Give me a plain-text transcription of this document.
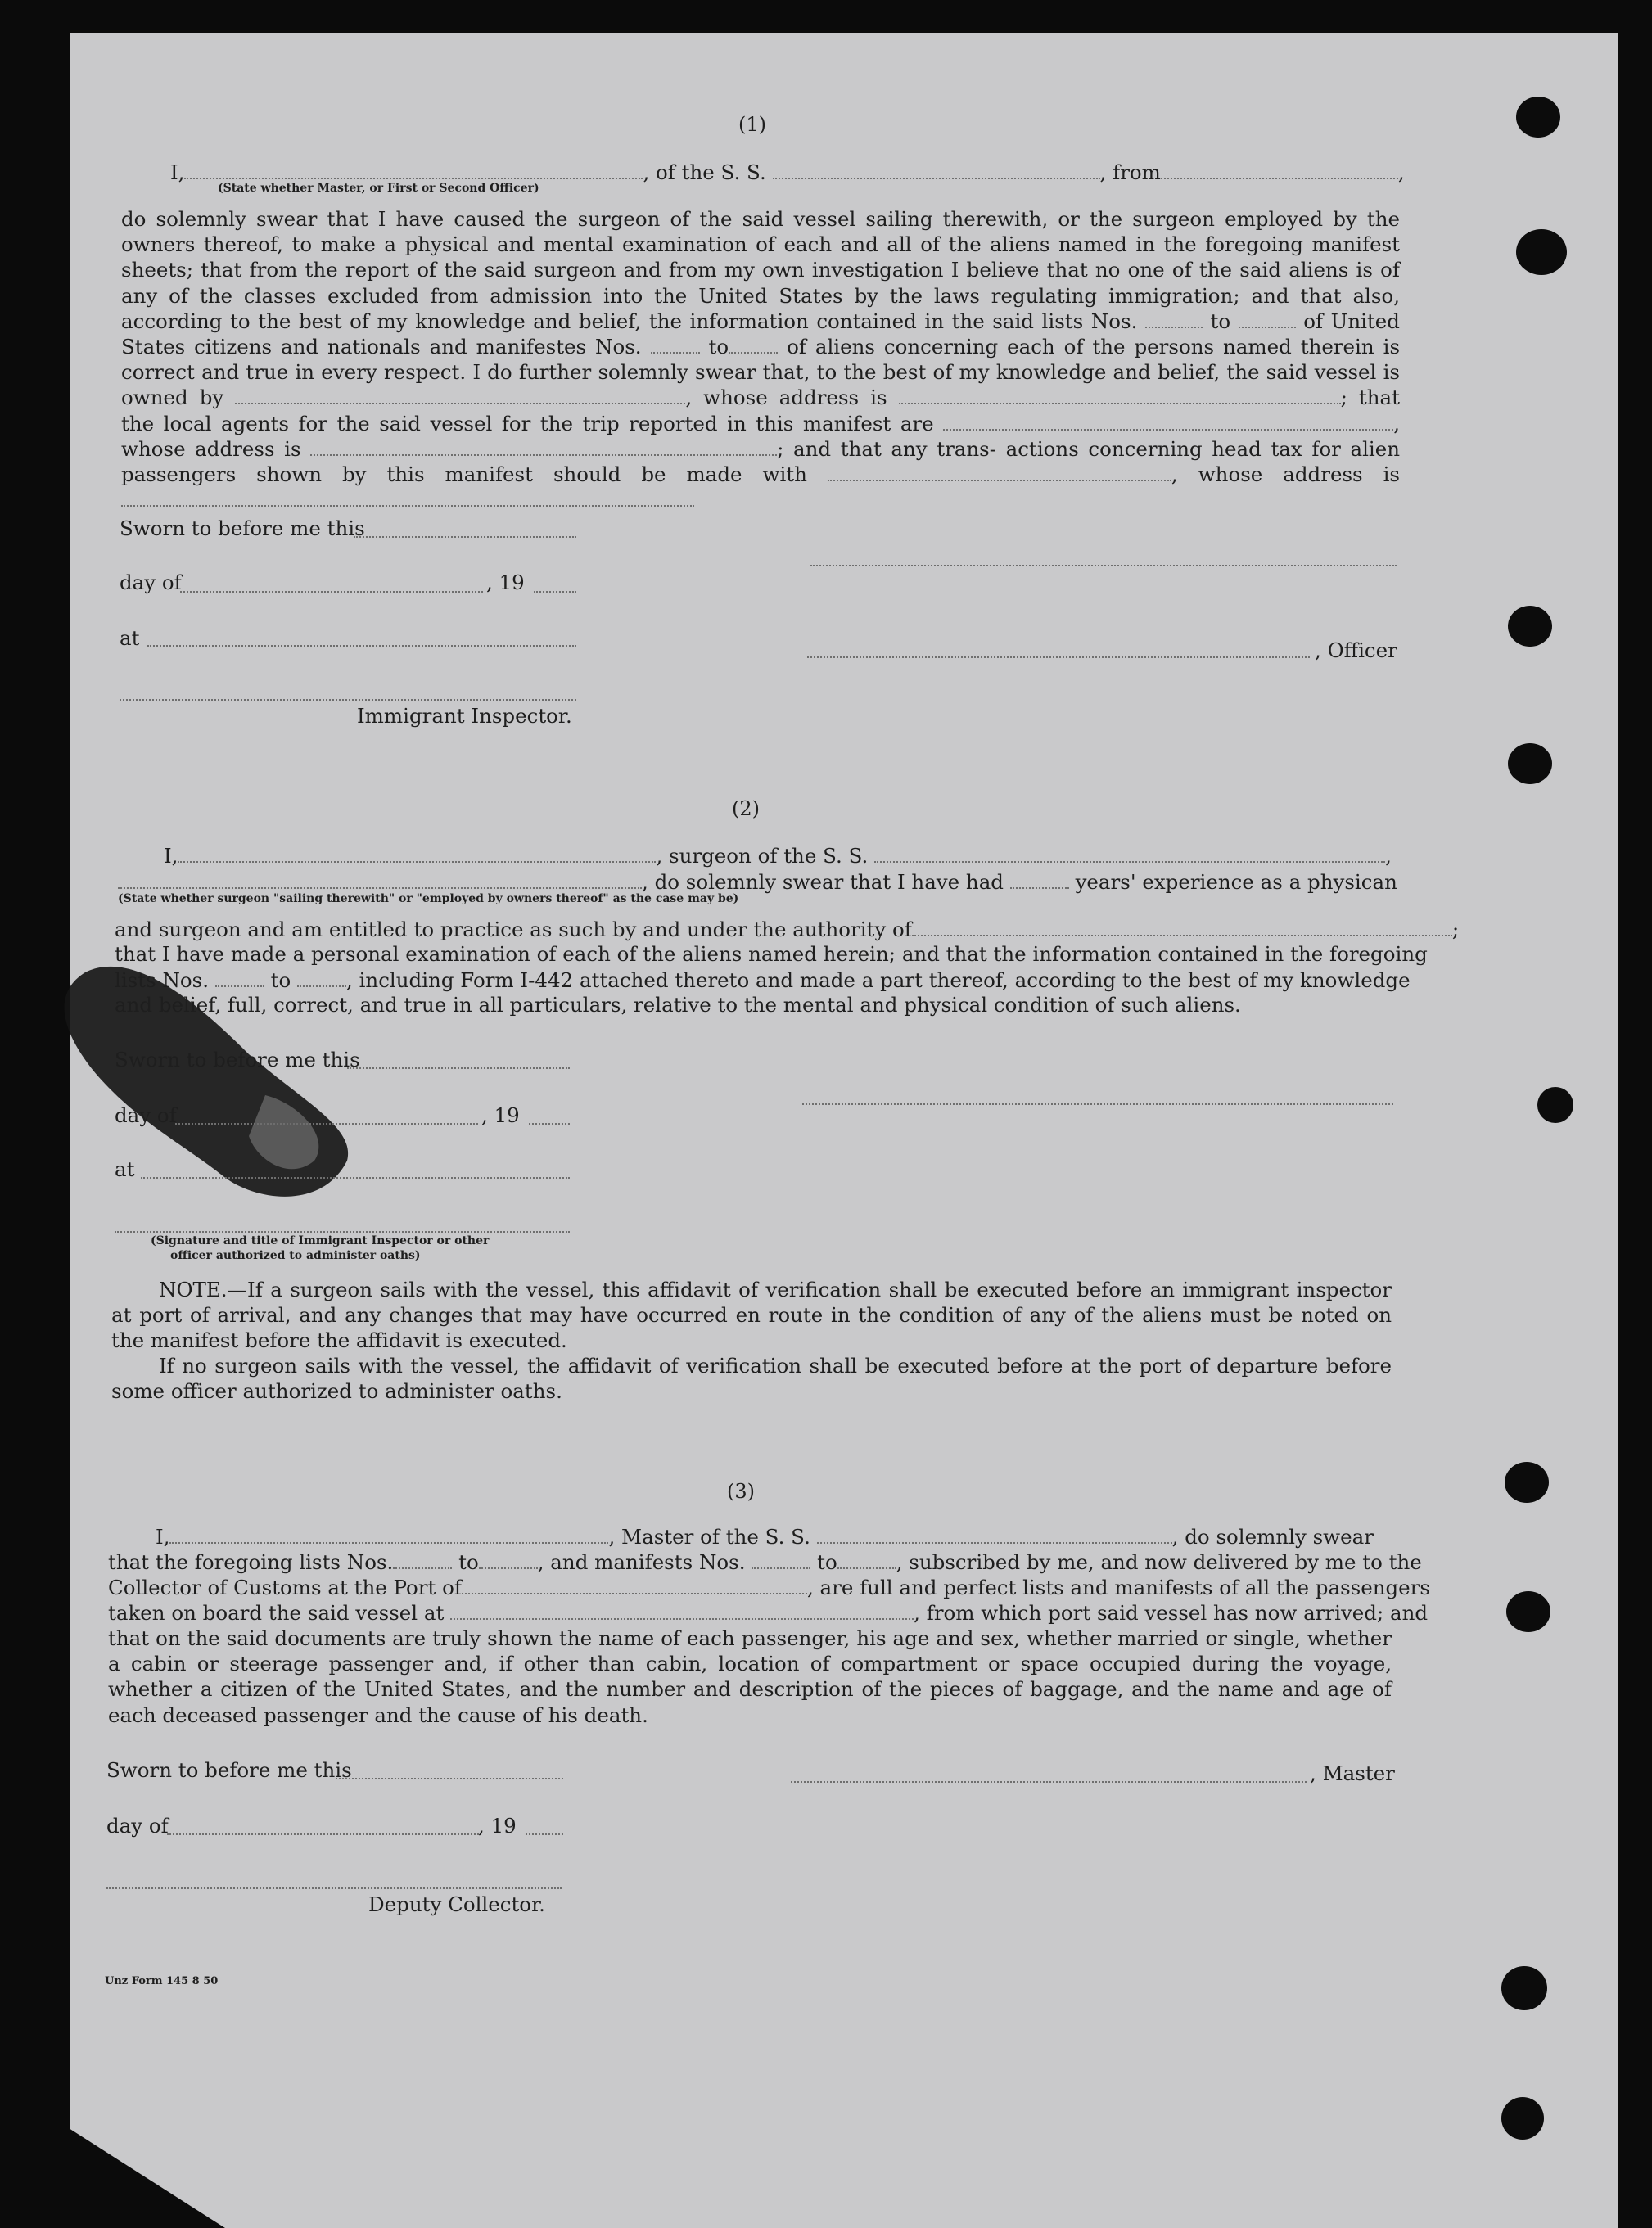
(1)
I,	, of the S. S.	, from	,
(State whether Master, or First or Second Officer)
do solemnly swear that I have caused the surgeon of the said vessel sailing therewith, or the surgeon employed by the owners thereof, to make a physical and mental examination of each and all of the aliens named in the foregoing manifest sheets; that from the report of the said surgeon and from my own investigation I believe that no one of the said aliens is of any of the classes excluded from admission into the United States by the laws regulating immigration; and that also, according to the best of my knowledge and belief, the information contained in the said lists Nos.	to	of United States citizens and nationals and manifestes Nos.	to	of aliens concerning each of the persons named therein is correct and true in every respect. I do further solemnly swear that, to the best of my knowledge and belief, the said vessel is owned by	, whose address is	; that the local agents for the said vessel for the trip reported in this manifest are	, whose address is	; and that any trans- actions concerning head tax for alien passengers shown by this manifest should be made with	, whose address is
Sworn to before me this
day of	, 19
at
, Officer
Immigrant Inspector.
(2)
I,	, surgeon of the S. S.	,
, do solemnly swear that I have had	years' experience as a physican
(State whether surgeon "sailing therewith" or "employed by owners thereof" as the case may be)
and surgeon and am entitled to practice as such by and under the authority of	;
that I have made a personal examination of each of the aliens named herein; and that the information contained in the foregoing
lists Nos.	to	, including Form I-442 attached thereto and made a part thereof, according to the best of my knowledge
and belief, full, correct, and true in all particulars, relative to the mental and physical condition of such aliens.
Sworn to before me this
day of	, 19
at
(Signature and title of Immigrant Inspector or other
officer authorized to administer oaths)
NOTE.—If a surgeon sails with the vessel, this affidavit of verification shall be executed before an immigrant inspector at port of arrival, and any changes that may have occurred en route in the condition of any of the aliens must be noted on the manifest before the affidavit is executed.
If no surgeon sails with the vessel, the affidavit of verification shall be executed before at the port of departure before some officer authorized to administer oaths.
(3)
I,	, Master of the S. S.	, do solemnly swear
that the foregoing lists Nos.	to	, and manifests Nos.	to	, subscribed by me, and now delivered by me to the
Collector of Customs at the Port of	, are full and perfect lists and manifests of all the passengers
taken on board the said vessel at	, from which port said vessel has now arrived; and
that on the said documents are truly shown the name of each passenger, his age and sex, whether married or single, whether a cabin or steerage passenger and, if other than cabin, location of compartment or space occupied during the voyage, whether a citizen of the United States, and the number and description of the pieces of baggage, and the name and age of each deceased passenger and the cause of his death.
Sworn to before me this	, Master
day of	, 19
Deputy Collector.
Unz Form 145 8 50
